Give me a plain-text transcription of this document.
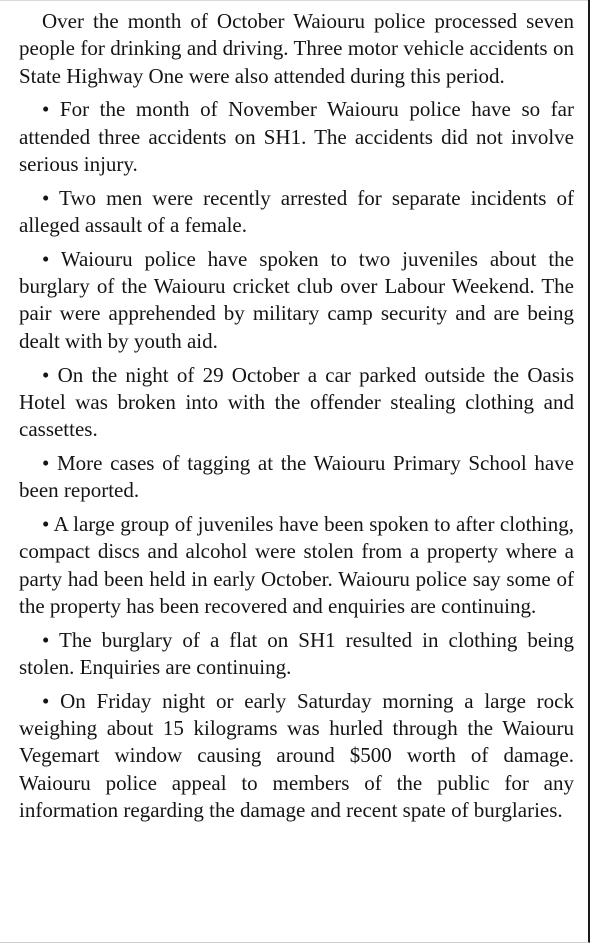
Over the month of October Waiouru police processed seven people for drinking and driving. Three motor vehicle accidents on State Highway One were also attended during this period.

• For the month of November Waiouru police have so far attended three accidents on SH1. The accidents did not involve serious injury.

• Two men were recently arrested for separate incidents of alleged assault of a female.

• Waiouru police have spoken to two juveniles about the burglary of the Waiouru cricket club over Labour Weekend. The pair were apprehended by military camp security and are being dealt with by youth aid.

• On the night of 29 October a car parked outside the Oasis Hotel was broken into with the offender stealing clothing and cassettes.

• More cases of tagging at the Waiouru Primary School have been reported.

• A large group of juveniles have been spoken to after clothing, compact discs and alcohol were stolen from a property where a party had been held in early October. Waiouru police say some of the property has been recovered and enquiries are continuing.

• The burglary of a flat on SH1 resulted in clothing being stolen. Enquiries are continuing.

• On Friday night or early Saturday morning a large rock weighing about 15 kilograms was hurled through the Waiouru Vegemart window causing around $500 worth of damage. Waiouru police appeal to members of the public for any information regarding the damage and recent spate of burglaries.
